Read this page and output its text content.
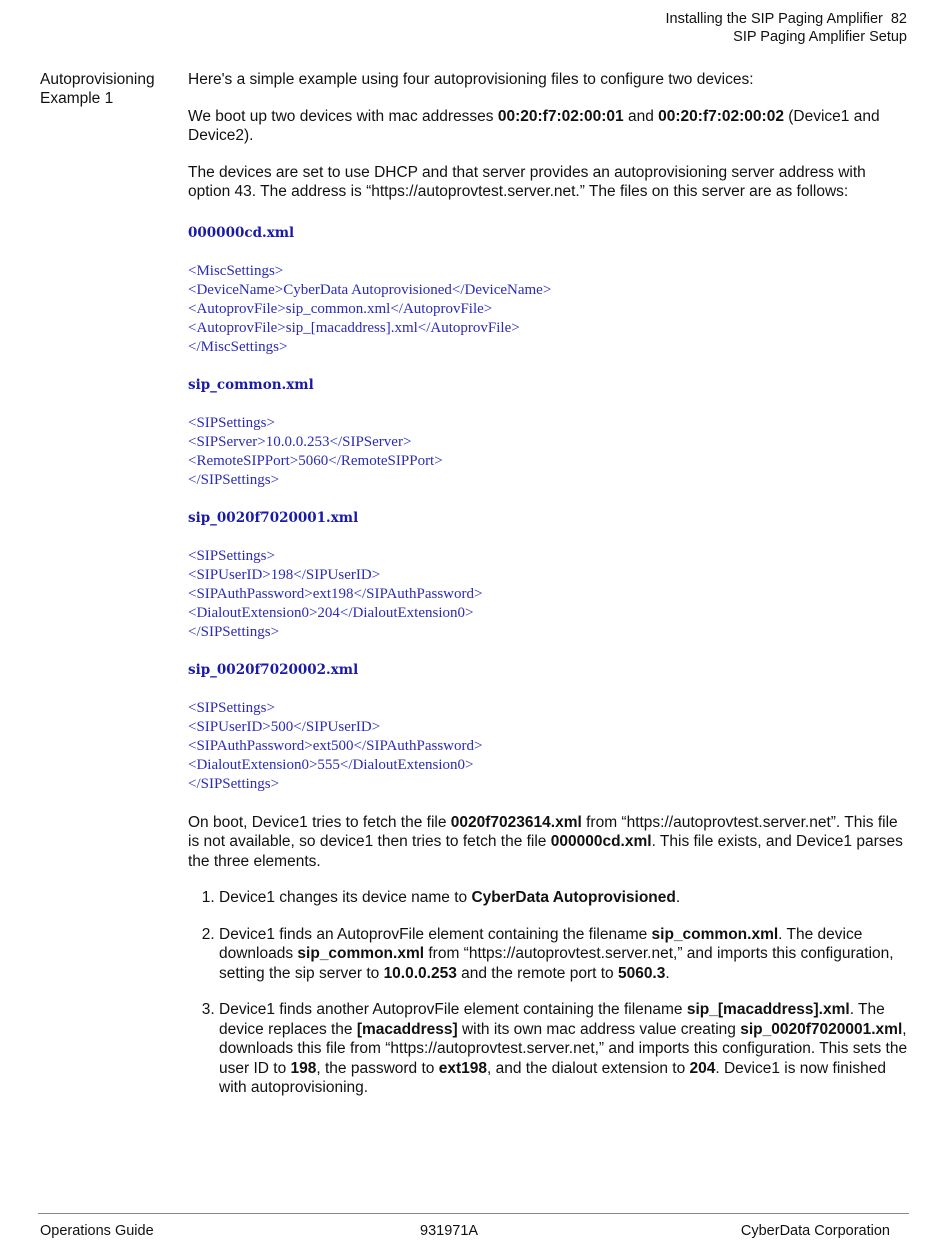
Installing the SIP Paging Amplifier 82
SIP Paging Amplifier Setup
Autoprovisioning
Example 1

Here's a simple example using four autoprovisioning files to configure two devices:

We boot up two devices with mac addresses 00:20:f7:02:00:01 and 00:20:f7:02:00:02 (Device1 and Device2).

The devices are set to use DHCP and that server provides an autoprovisioning server address with option 43. The address is “https://autoprovtest.server.net.” The files on this server are as follows:

000000cd.xml
<MiscSettings>
<DeviceName>CyberData Autoprovisioned</DeviceName>
<AutoprovFile>sip_common.xml</AutoprovFile>
<AutoprovFile>sip_[macaddress].xml</AutoprovFile>
</MiscSettings>
sip_common.xml
<SIPSettings>
<SIPServer>10.0.0.253</SIPServer>
<RemoteSIPPort>5060</RemoteSIPPort>
</SIPSettings>
sip_0020f7020001.xml
<SIPSettings>
<SIPUserID>198</SIPUserID>
<SIPAuthPassword>ext198</SIPAuthPassword>
<DialoutExtension0>204</DialoutExtension0>
</SIPSettings>
sip_0020f7020002.xml
<SIPSettings>
<SIPUserID>500</SIPUserID>
<SIPAuthPassword>ext500</SIPAuthPassword>
<DialoutExtension0>555</DialoutExtension0>
</SIPSettings>

On boot, Device1 tries to fetch the file 0020f7023614.xml from “https://autoprovtest.server.net”. This file is not available, so device1 then tries to fetch the file 000000cd.xml. This file exists, and Device1 parses the three elements.

1. Device1 changes its device name to CyberData Autoprovisioned.
2. Device1 finds an AutoprovFile element containing the filename sip_common.xml. The device downloads sip_common.xml from “https://autoprovtest.server.net,” and imports this configuration, setting the sip server to 10.0.0.253 and the remote port to 5060.3.
3. Device1 finds another AutoprovFile element containing the filename sip_[macaddress].xml. The device replaces the [macaddress] with its own mac address value creating sip_0020f7020001.xml, downloads this file from “https://autoprovtest.server.net,” and imports this configuration. This sets the user ID to 198, the password to ext198, and the dialout extension to 204. Device1 is now finished with autoprovisioning.
Operations Guide	931971A	CyberData Corporation
